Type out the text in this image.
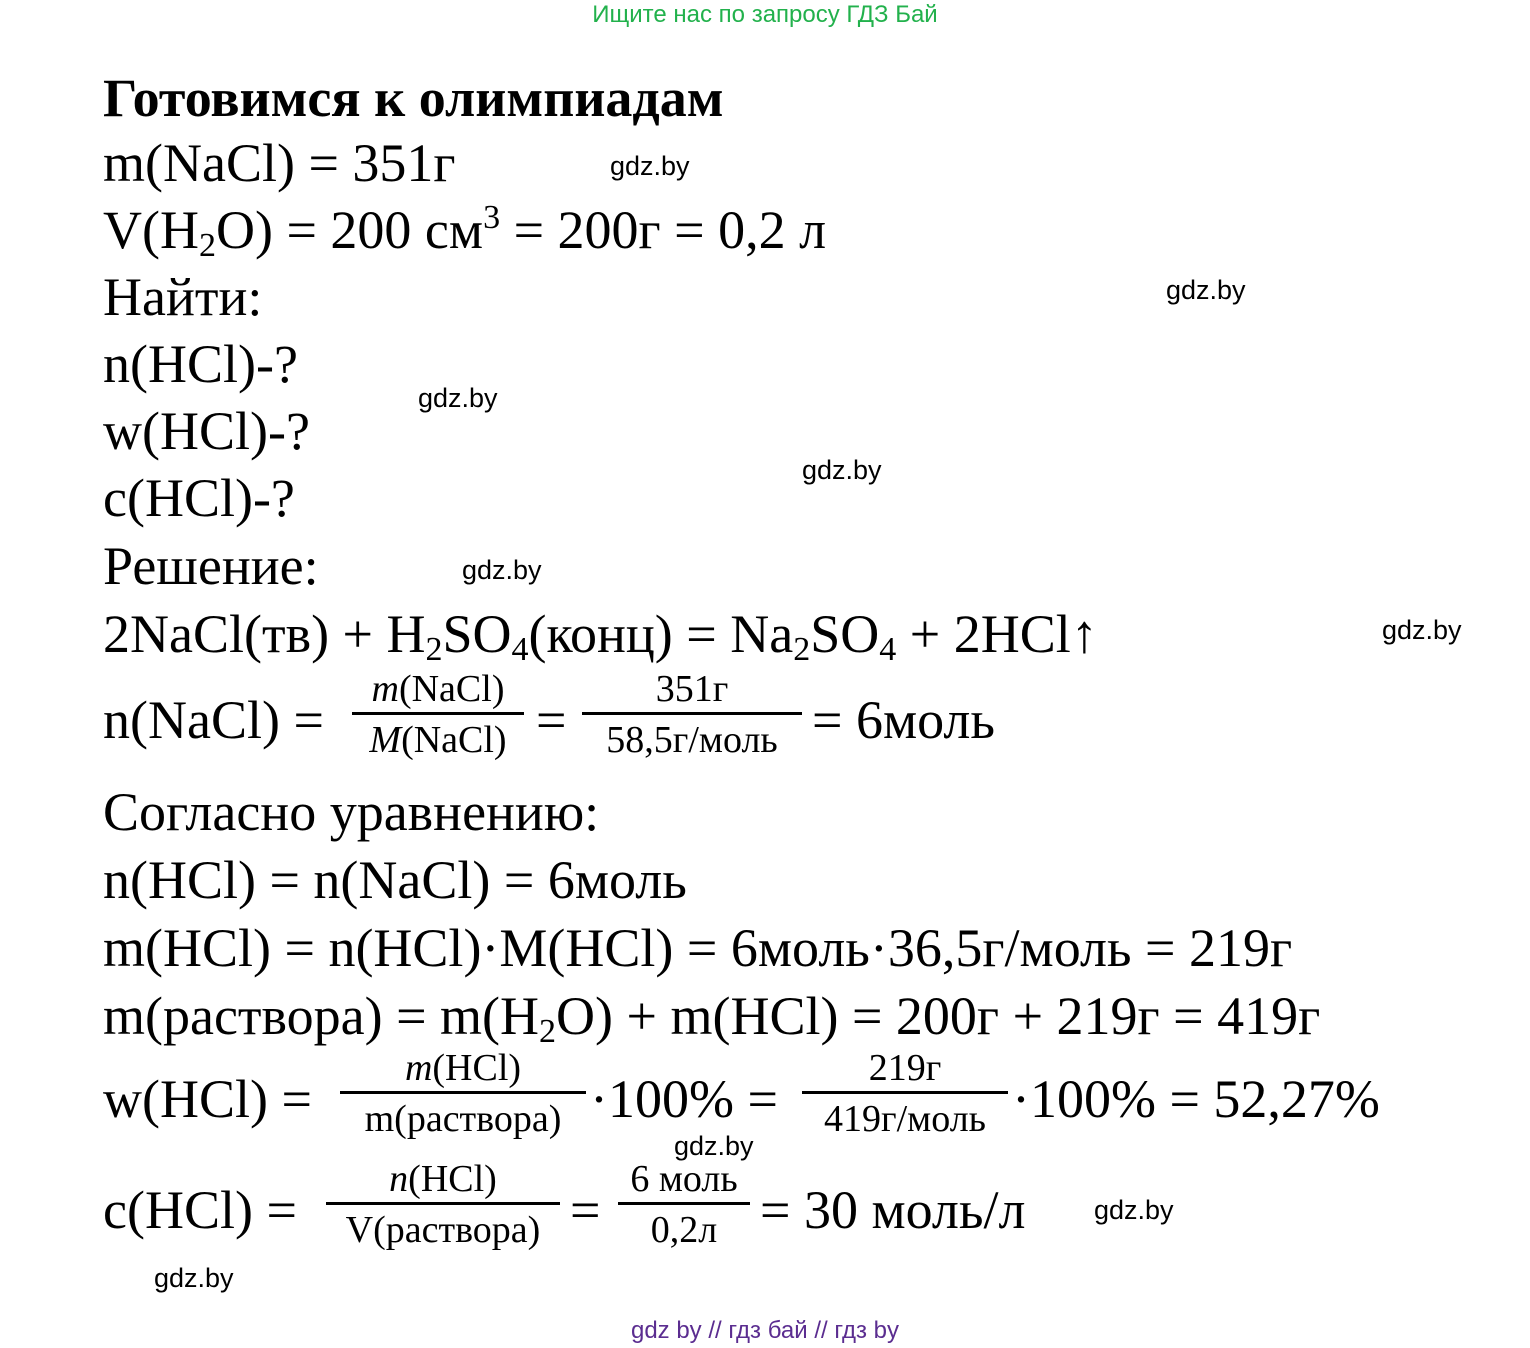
Ищите нас по запросу ГДЗ Бай
Готовимся к олимпиадам
m(NaCl) = 351г
$V(H_2O) = 200$ $см^3 = 200г = 0,2$ л
Найти:
n(HCl)-?
w(HCl)-?
c(HCl)-?
Решение:
2NaCl(тв) + $H_2SO_4(конц) = Na_2SO_4$ + 2HCl↑
n(NaCl) =
m(NaCl)
M(NaCl) =
351г
58,5г/моль = 6моль
Согласно уравнению:
n(HCl) = n(NaCl) = 6моль
m(HCl) = n(HCl)·M(HCl) = 6моль·36,5г/моль = 219г
m(раствора) = $m(H_2O) + m(HCl) = 200г + 219г = 419г$
w(HCl) =
m(HCl)
m(раствора) ·100% =
219г
419г/моль ·100% = 52,27%
c(HCl) =
n(HCl)
V(раствора) =
6 моль
0,2л = 30 моль/л
gdz.by
gdz.by
gdz.by
gdz.by
gdz.by
gdz.by
gdz.by
gdz.by
gdz.by
gdz by // гдз бай // гдз by
